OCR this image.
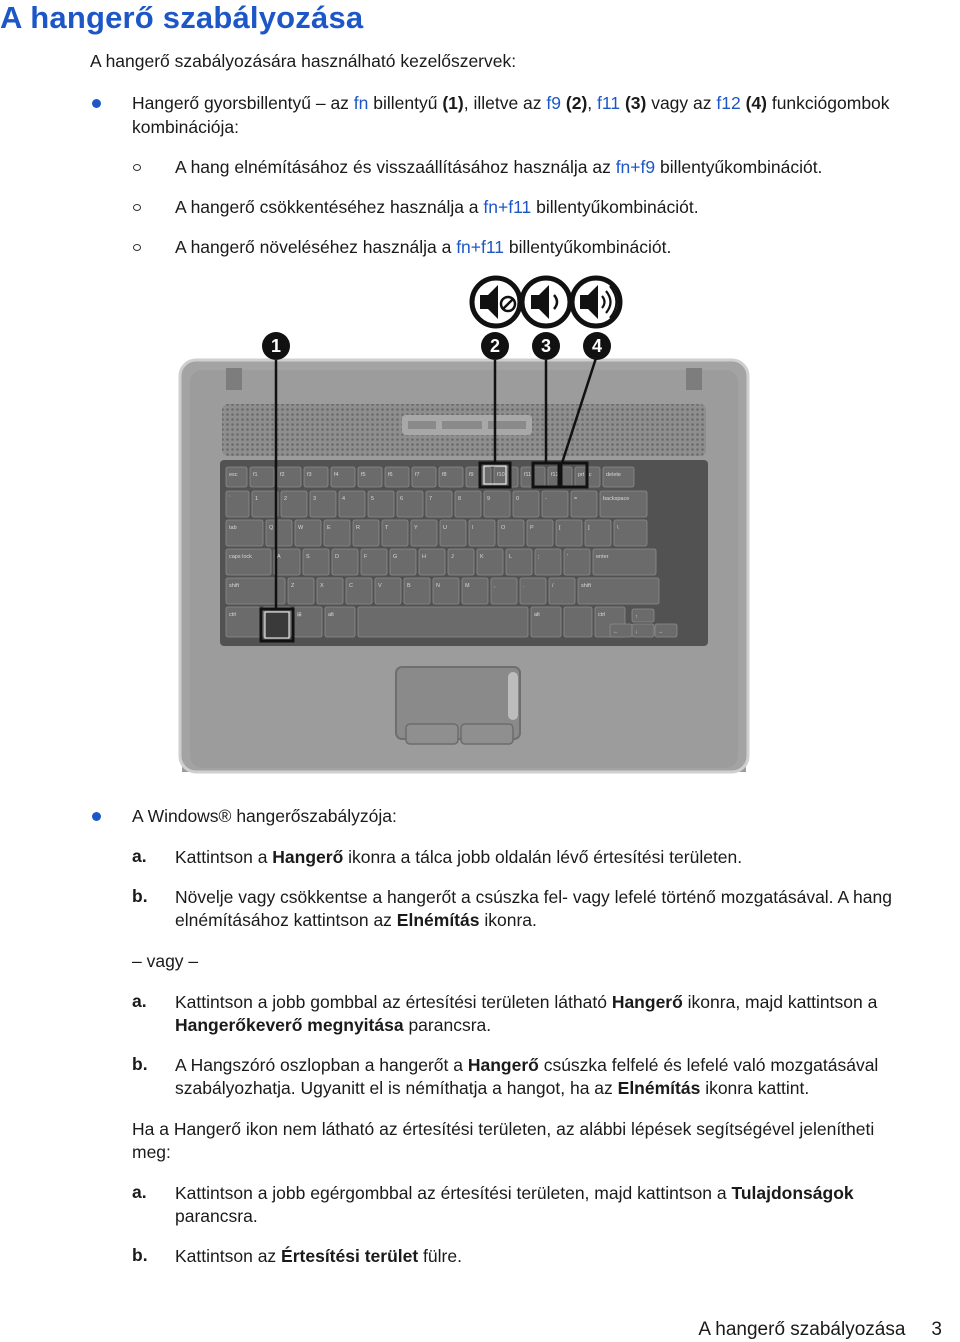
A hangerő szabályozása

A hangerő szabályozására használható kezelőszervek:

Hangerő gyorsbillentyű – az fn billentyű (1), illetve az f9 (2), f11 (3) vagy az f12 (4) funkciógombok

kombinációja:

A hang elnémításához és visszaállításához használja az fn+f9 billentyűkombinációt.

A hangerő csökkentéséhez használja a fn+f11 billentyűkombinációt.

A hangerő növeléséhez használja a fn+f11 billentyűkombinációt.

esc	f1	f2	f3	f4	f5	f6	f7	f8	f9	f10	f11	f12	prt sc	delete
`	1	2	3	4	5	6	7	8	9	0	-	=	backspace
tab	Q	W	E	R	T	Y	U	I	O	P	[	]	\
caps lock	A	S	D	F	G	H	J	K	L	;	'	enter
shift	Z	X	C	V	B	N	M	,	.	/	shift
ctrl	⊞	alt	alt	ctrl	↑
←	↓	→
1	2 3 4

A Windows® hangerőszabályzója:

a. Kattintson a Hangerő ikonra a tálca jobb oldalán lévő értesítési területen.

b. Növelje vagy csökkentse a hangerőt a csúszka fel- vagy lefelé történő mozgatásával. A hang

elnémításához kattintson az Elnémítás ikonra.

– vagy –

a. Kattintson a jobb gombbal az értesítési területen látható Hangerő ikonra, majd kattintson a

Hangerőkeverő megnyitása parancsra.

b. A Hangszóró oszlopban a hangerőt a Hangerő csúszka felfelé és lefelé való mozgatásával

szabályozhatja. Ugyanitt el is némíthatja a hangot, ha az Elnémítás ikonra kattint.

Ha a Hangerő ikon nem látható az értesítési területen, az alábbi lépések segítségével jelenítheti

meg:

a. Kattintson a jobb egérgombbal az értesítési területen, majd kattintson a Tulajdonságok

parancsra.

b. Kattintson az Értesítési terület fülre.

A hangerő szabályozása 3
